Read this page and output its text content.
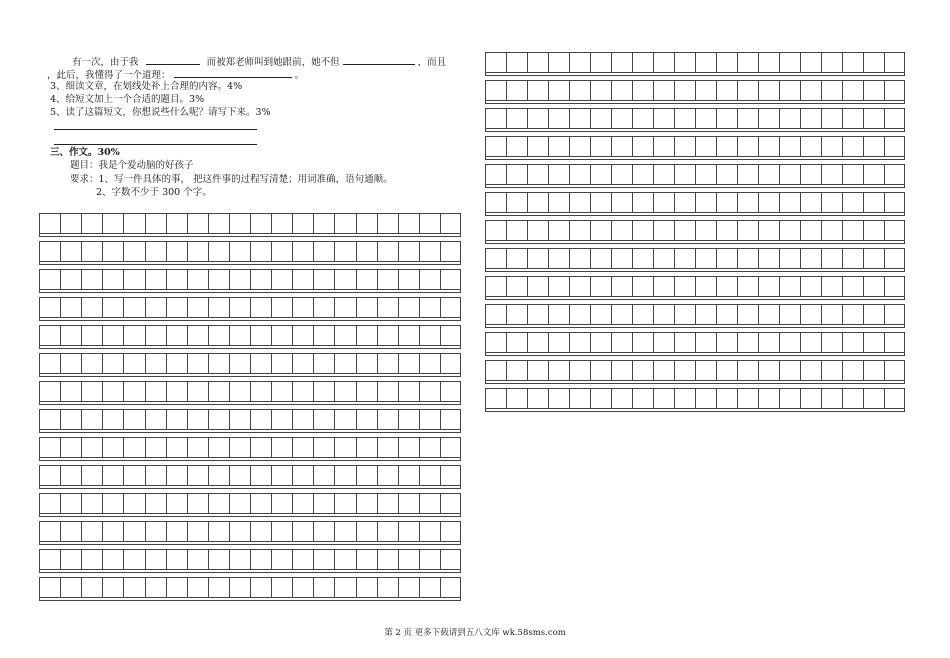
有一次，由于我	而被郑老师叫到她跟前，她不但	，而且
，此后，我懂得了一个道理：	。
3、细读文章，在划线处补上合理的内容。4%
4、给短文加上一个合适的题目。3%
5、读了这篇短文，你想说些什么呢？请写下来。3%
三、作文。30%
题目：我是个爱动脑的好孩子
要求：1、写一件具体的事， 把这件事的过程写清楚；用词准确，语句通顺。
2、字数不少于 300 个字。
第 2 页 更多下载请到五八文库 wk.58sms.com
